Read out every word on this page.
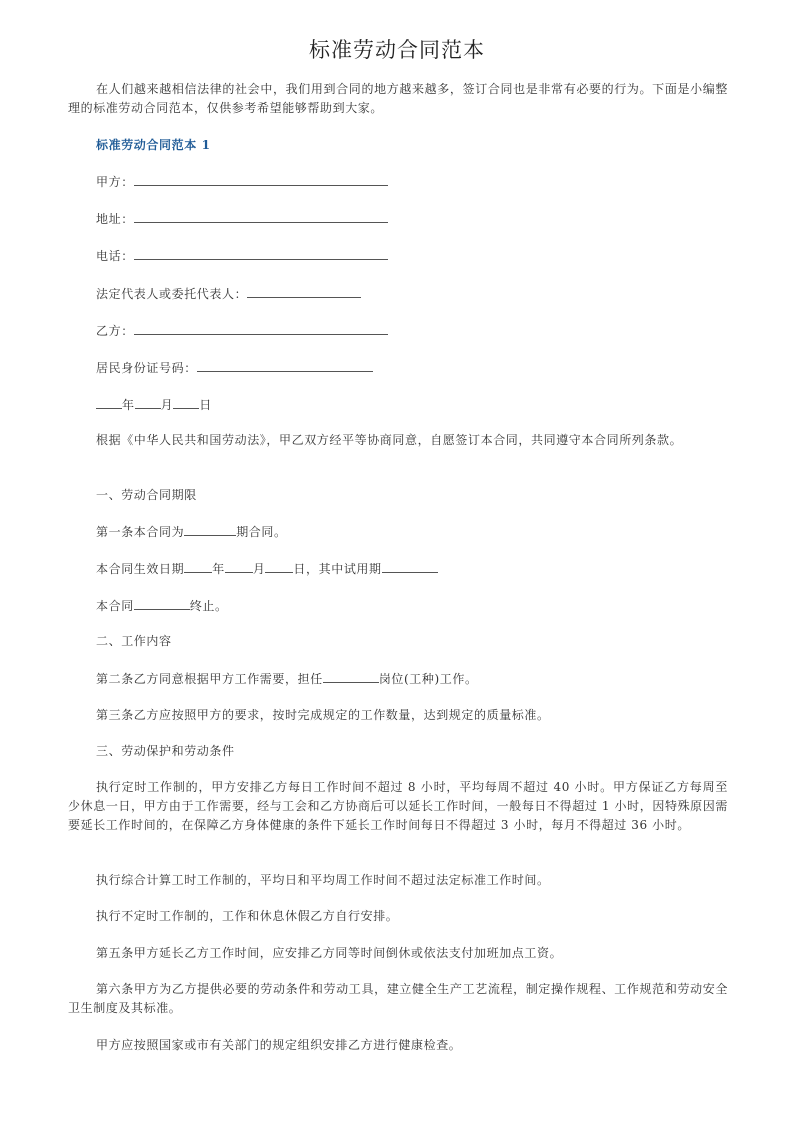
标准劳动合同范本

在人们越来越相信法律的社会中，我们用到合同的地方越来越多，签订合同也是非常有必要的行为。下面是小编整理的标准劳动合同范本，仅供参考希望能够帮助到大家。

标准劳动合同范本 1

甲方：

地址：

电话：

法定代表人或委托代表人：

乙方：

居民身份证号码：

年 月 日

根据《中华人民共和国劳动法》，甲乙双方经平等协商同意，自愿签订本合同，共同遵守本合同所列条款。

一、劳动合同期限

第一条本合同为	期合同。

本合同生效日期 年 月 日，其中试用期

本合同	终止。

二、工作内容

第二条乙方同意根据甲方工作需要，担任	岗位(工种)工作。

第三条乙方应按照甲方的要求，按时完成规定的工作数量，达到规定的质量标准。

三、劳动保护和劳动条件

执行定时工作制的，甲方安排乙方每日工作时间不超过 8 小时，平均每周不超过 40 小时。甲方保证乙方每周至少休息一日，甲方由于工作需要，经与工会和乙方协商后可以延长工作时间，一般每日不得超过 1 小时，因特殊原因需要延长工作时间的，在保障乙方身体健康的条件下延长工作时间每日不得超过 3 小时，每月不得超过 36 小时。

执行综合计算工时工作制的，平均日和平均周工作时间不超过法定标准工作时间。

执行不定时工作制的，工作和休息休假乙方自行安排。

第五条甲方延长乙方工作时间，应安排乙方同等时间倒休或依法支付加班加点工资。

第六条甲方为乙方提供必要的劳动条件和劳动工具，建立健全生产工艺流程，制定操作规程、工作规范和劳动安全卫生制度及其标准。

甲方应按照国家或市有关部门的规定组织安排乙方进行健康检查。
